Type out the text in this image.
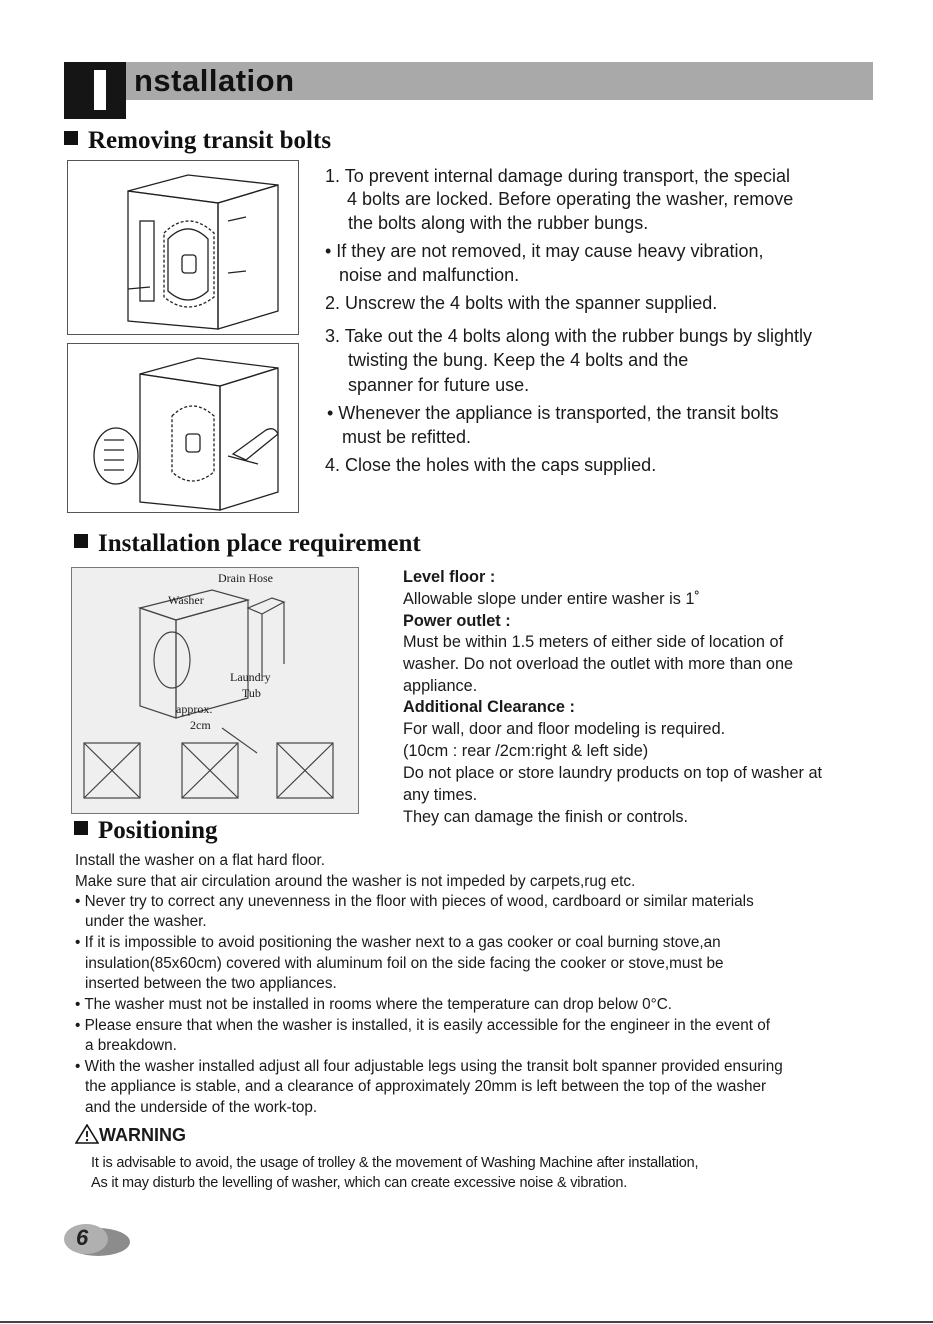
nstallation
Removing transit bolts
1. To prevent internal damage during transport, the special
4 bolts are locked. Before operating the washer, remove
the bolts along with the rubber bungs.
• If they are not removed, it may cause heavy vibration,
noise and malfunction.
2. Unscrew the 4 bolts with the spanner supplied.
3. Take out the 4 bolts along with the rubber bungs by slightly
twisting the bung. Keep the 4 bolts and the
spanner for future use.
• Whenever the appliance is transported, the transit bolts
must be refitted.
4. Close the holes with the caps supplied.
Installation place requirement
Drain Hose
Washer
Laundry
Tub
approx.
2cm
Level floor :
Allowable slope under entire washer is 1˚
Power outlet :
Must be within 1.5 meters of either side of location of
washer. Do not overload the outlet with more than one
appliance.
Additional Clearance :
For wall, door and floor modeling is required.
(10cm : rear /2cm:right & left side)
Do not place or store laundry products on top of washer at
any times.
They can damage the finish or controls.
Positioning
Install the washer on a flat hard floor.
Make sure that air circulation around the washer is not impeded by carpets,rug etc.
• Never try to correct any unevenness in the floor with pieces of wood, cardboard or similar materials
under the washer.
• If it is impossible to avoid positioning the washer next to a gas cooker or coal burning stove,an
insulation(85x60cm) covered with aluminum foil on the side facing the cooker or stove,must be
inserted between the two appliances.
• The washer must not be installed in rooms where the temperature can drop below 0°C.
• Please ensure that when the washer is installed, it is easily accessible for the engineer in the event of
a breakdown.
• With the washer installed adjust all four adjustable legs using the transit bolt spanner provided ensuring
the appliance is stable, and a clearance of approximately 20mm is left between the top of the washer
and the underside of the work-top.
WARNING
It is advisable to avoid, the usage of trolley & the movement of Washing Machine after installation,
As it may disturb the levelling of washer, which can create excessive noise & vibration.
6
